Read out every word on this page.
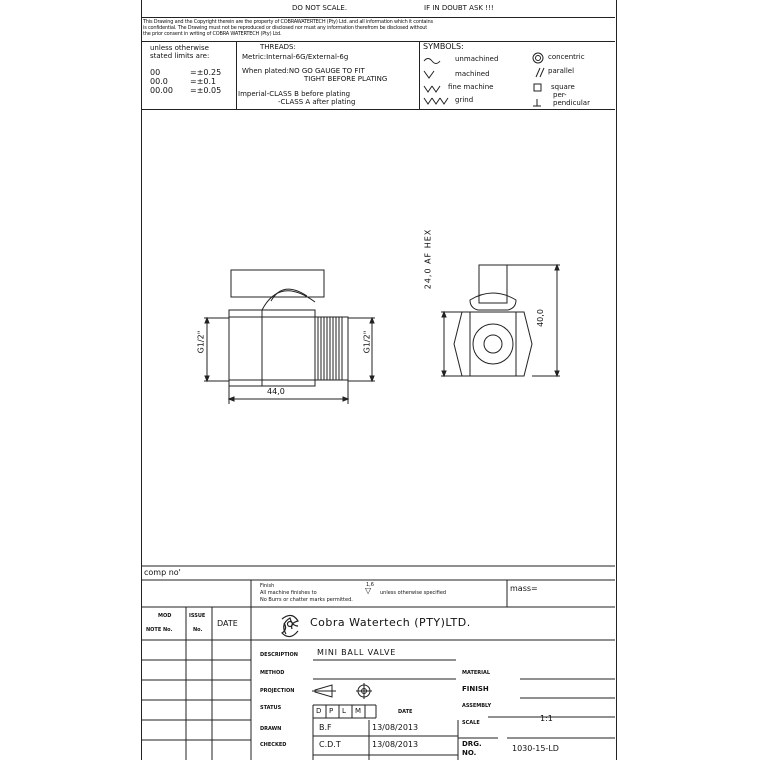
DO NOT SCALE.	IF IN DOUBT ASK !!!
This Drawing and the Copyright therein are the property of COBRAWATERTECH (Pty) Ltd. and all information which it contains
is confidential. The Drawing must not be reproduced or disclosed nor must any information therefrom be disclosed without
the prior consent in writing of COBRA WATERTECH (Pty) Ltd.
unless otherwise
stated limits are:
00	=±0.25
00.0	=±0.1
00.00 =±0.05
THREADS:
Metric:Internal-6G/External-6g
When plated:NO GO GAUGE TO FIT
TIGHT BEFORE PLATING
Imperial-CLASS B before plating
-CLASS A after plating
SYMBOLS:
unmachined
machined
fine machine
grind
concentric
parallel
square
per-
pendicular
44,0
G1/2"	G1/2"
24,0 AF HEX
40,0
comp no'
Finish	1,6
All machine finishes to	▽ unless otherwise specified
No Burrs or chatter marks permitted.
mass=
MOD
NOTE No.
ISSUE
No.
DATE	Cobra Watertech (PTY)LTD.
DESCRIPTION MINI BALL VALVE
METHOD	MATERIAL
PROJECTION	FINISH
STATUS	D P L M	DATE
ASSEMBLY
DRAWN	B.F	13/08/2013	SCALE	1:1
CHECKED	C.D.T	13/08/2013	DRG.
NO.	1030-15-LD
